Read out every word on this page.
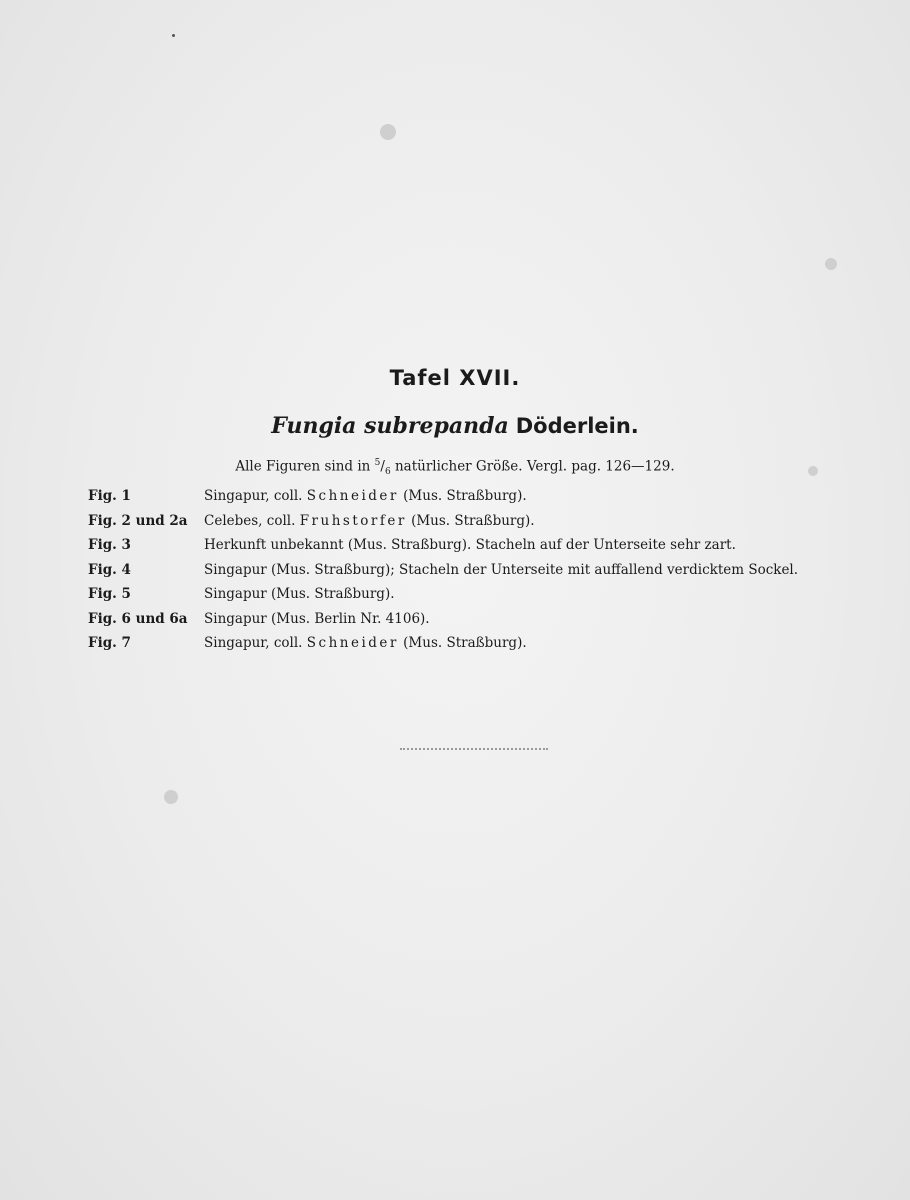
Tafel XVII.
Fungia subrepanda Döderlein.
Alle Figuren sind in $^5/_6$ natürlicher Größe. Vergl. pag. 126—129.
Fig. 1	Singapur, coll. Schneider (Mus. Straßburg).
Fig. 2 und 2a Celebes, coll. Fruhstorfer (Mus. Straßburg).
Fig. 3	Herkunft unbekannt (Mus. Straßburg). Stacheln auf der Unterseite sehr zart.
Fig. 4	Singapur (Mus. Straßburg); Stacheln der Unterseite mit auffallend verdicktem Sockel.
Fig. 5	Singapur (Mus. Straßburg).
Fig. 6 und 6a Singapur (Mus. Berlin Nr. 4106).
Fig. 7	Singapur, coll. Schneider (Mus. Straßburg).
